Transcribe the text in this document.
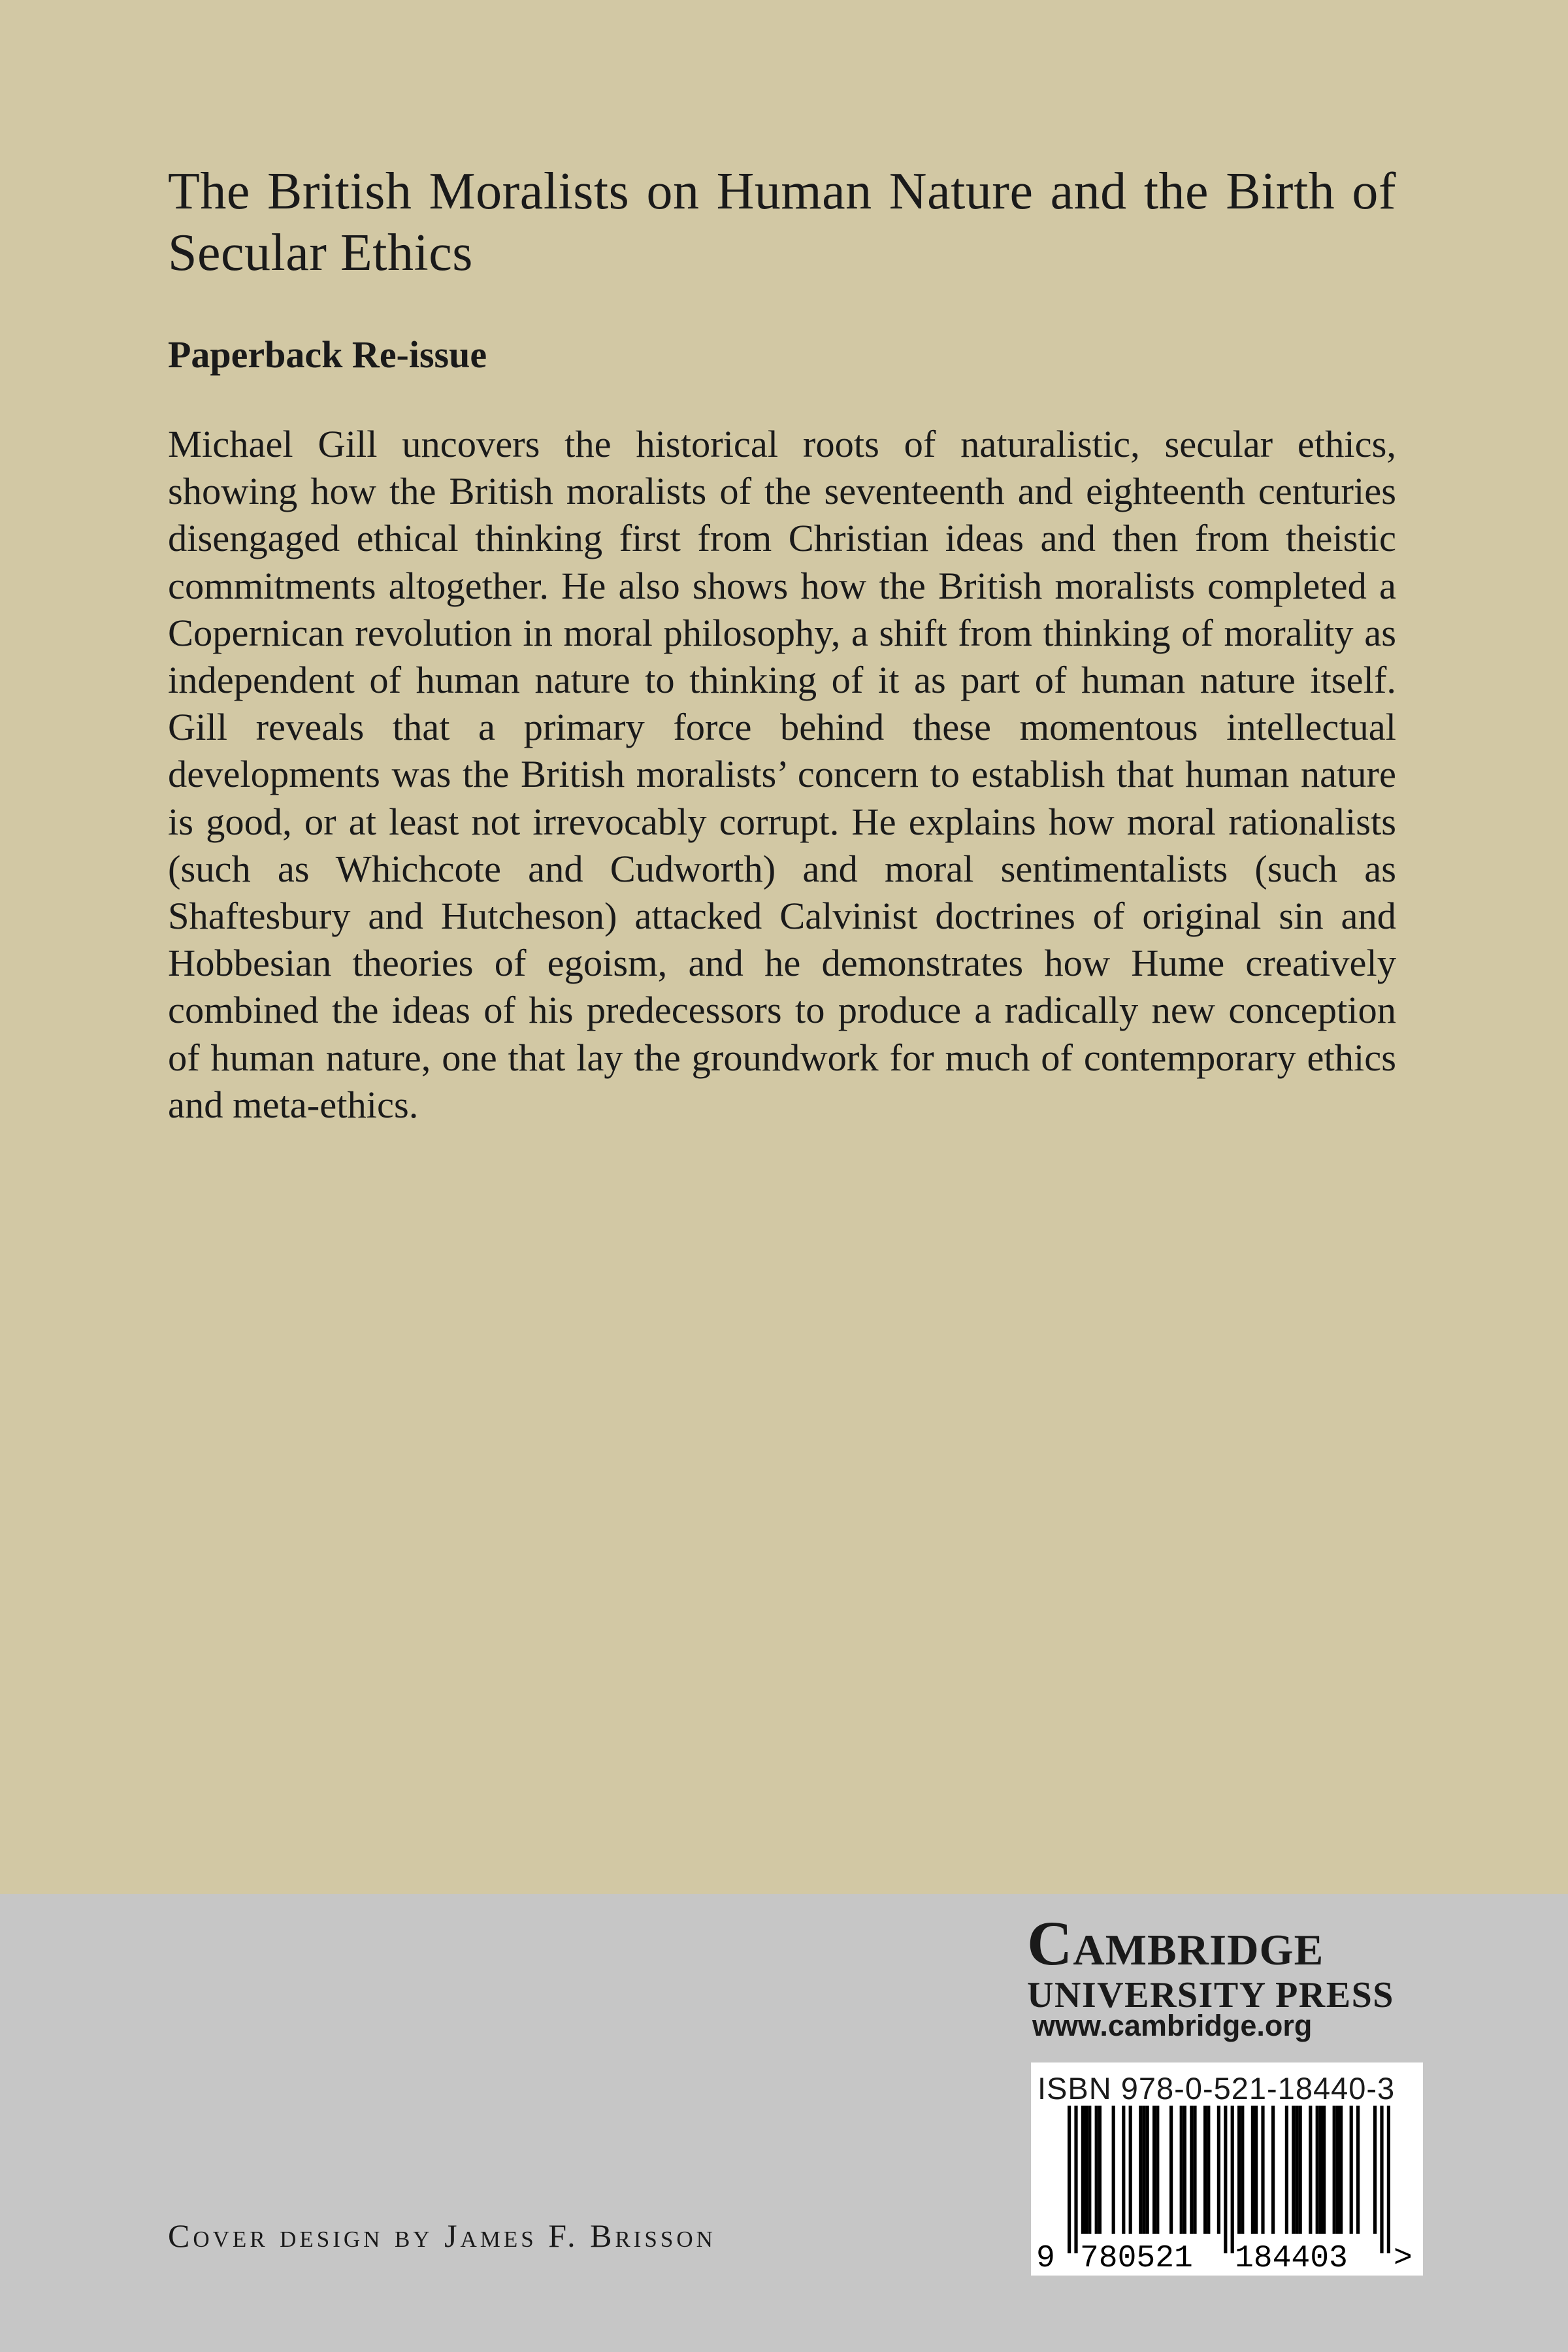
The British Moralists on Human Nature and the Birth of Secular Ethics

Paperback Re-issue

Michael Gill uncovers the historical roots of naturalistic, secular ethics, showing how the British moralists of the seventeenth and eighteenth centuries disengaged ethical thinking first from Christian ideas and then from theistic commitments altogether. He also shows how the British moralists completed a Copernican revolution in moral philosophy, a shift from thinking of morality as independent of human nature to thinking of it as part of human nature itself. Gill reveals that a primary force behind these momentous intellectual developments was the British moralists’ concern to establish that human nature is good, or at least not irrevocably corrupt. He explains how moral rationalists (such as Whichcote and Cudworth) and moral sentimentalists (such as Shaftesbury and Hutcheson) attacked Calvinist doctrines of original sin and Hobbesian theories of egoism, and he demonstrates how Hume creatively combined the ideas of his predecessors to produce a radically new conception of human nature, one that lay the groundwork for much of contemporary ethics and meta-ethics.

Cambridge

UNIVERSITY PRESS

www.cambridge.org

ISBN 978-0-521-18440-3

9 780521 184403 >

Cover design by James F. Brisson
